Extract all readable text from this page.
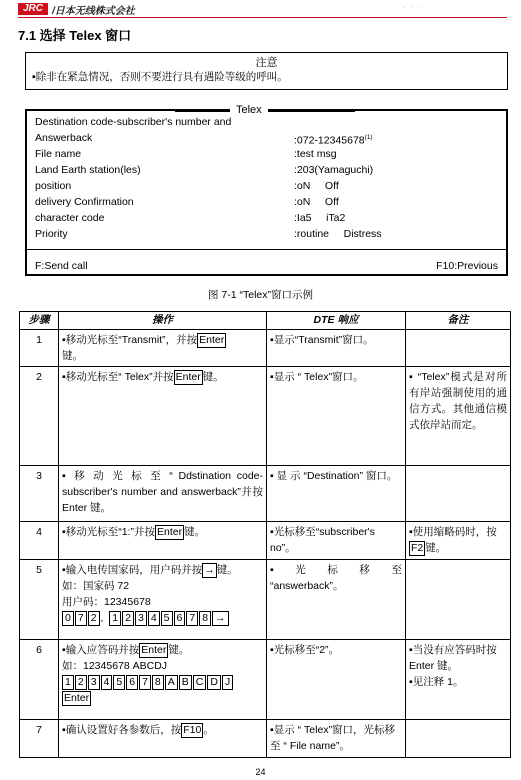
JRC /日本无线株式会社	· · ·
7.1 选择 Telex 窗口
注意
▪除非在紧急情况，否则不要进行具有遇险等级的呼叫。
Telex
Destination code-subscriber's number and
Answerback	:072-12345678$^{(1)}$
File name	:test msg
Land Earth station(les)	:203(Yamaguchi)
position	:oN     Off
delivery Confirmation	:oN     Off
character code	:Ia5     iTa2
Priority	:routine     Distress
F:Send call	F10:Previous
图 7-1 “Telex”窗口示例
步骤	操作	DTE 响应	备注
1	▪移动光标至“Transmit”，并按 Enter
键。	▪显示“Transmit”窗口。	
2	▪移动光标至“ Telex”并按 Enter 键。	▪显示 “ Telex”窗口。	▪ “Telex”模式是对所有岸站强制使用的通信方式。其他通信模式依岸站而定。
3	▪ 移 动 光 标 至 “ Ddstination code-subscriber's number and answerback”并按 Enter 键。	▪ 显 示 “Destination” 窗口。	
4	▪移动光标至“1:”并按 Enter 键。	▪光标移至“subscriber's no”。	▪使用缩略码时，按F2 键。
5	▪输入电传国家码，用户码并按 → 键。
如：国家码 72
用户码：12345678
0 7 2 , 1 2 3 4 5 6 7 8 →	▪ 光 标 移 至 “answerback”。	
6	▪输入应答码并按 Enter 键。
如：12345678 ABCDJ
1 2 3 4 5 6 7 8 A B C D J
Enter	▪光标移至“2”。	▪当没有应答码时按 Enter 键。
▪见注释 1。
7	▪确认设置好各参数后，按 F10 。	▪显示 “ Telex”窗口，光标移至 “ File name”。	
24
